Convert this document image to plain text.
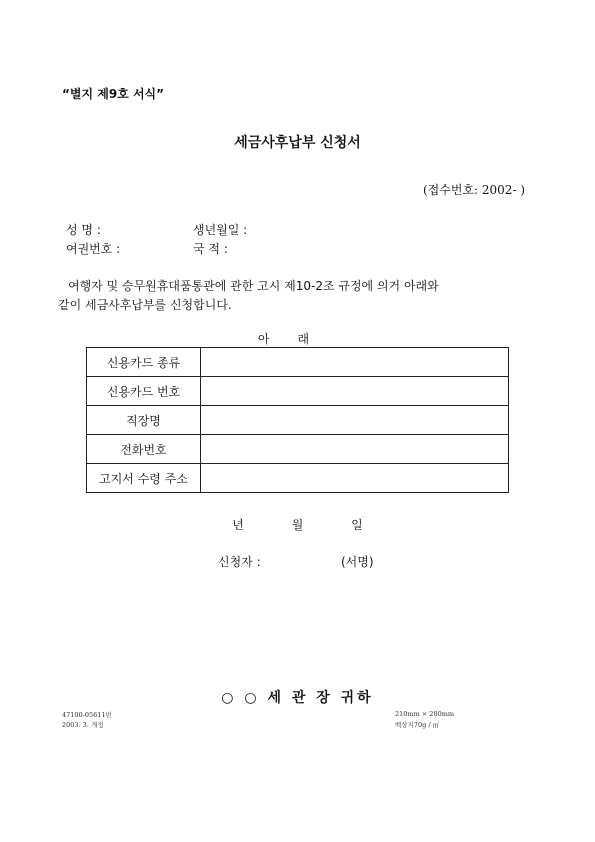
“별지 제9호 서식”
세금사후납부 신청서
(접수번호: 2002- )
성 명 :	생년월일 :
여권번호 :	국 적 :
여행자 및 승무원휴대품통관에 관한 고시 제10-2조 규정에 의거 아래와
같이 세금사후납부를 신청합니다.
아래
신용카드 종류	
신용카드 번호	
직장명	
전화번호	
고지서 수령 주소	
년	월	일
신청자 :	(서명)
○ ○ 세 관 장 귀하
47100-05611빈
2003. 3. 개정
210mm × 280mm
백상지70g / ㎡
